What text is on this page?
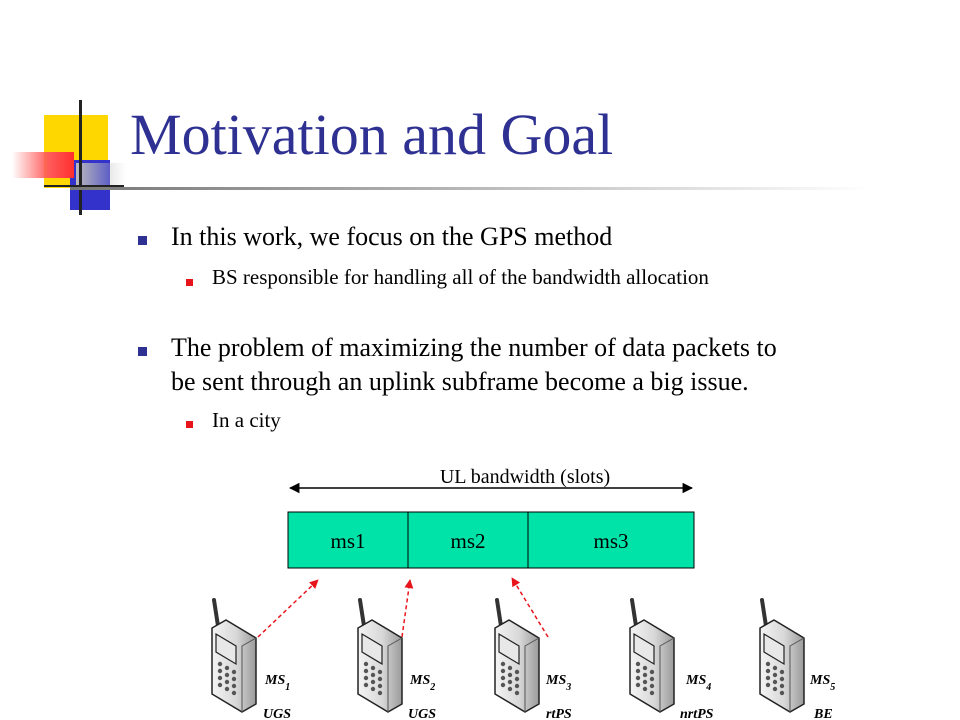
Motivation and Goal
In this work, we focus on the GPS method
BS responsible for handling all of the bandwidth allocation
The problem of maximizing the number of data packets to
be sent through an uplink subframe become a big issue.
In a city
UL bandwidth (slots)
ms1	ms2	ms3
$MS_1$
UGS
$MS_2$
UGS
$MS_3$
rtPS
$MS_4$
nrtPS
$MS_5$
BE
